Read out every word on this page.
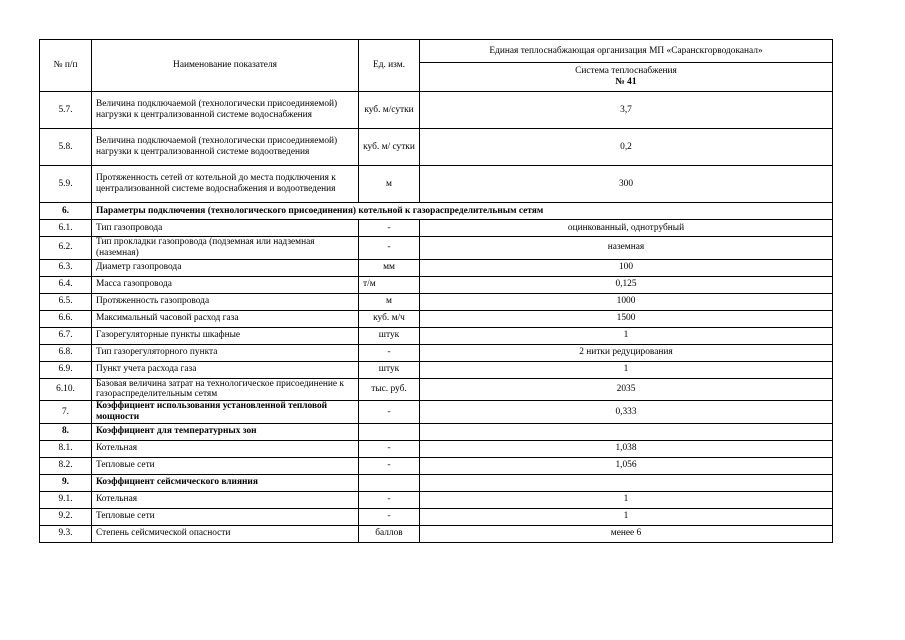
№ п/п	Наименование показателя	Ед. изм.	Единая теплоснабжающая организация МП «Саранскгорводоканал»

			Система теплоснабжения
№ 41

5.7.	Величина подключаемой (технологически присоединяемой) нагрузки к централизованной системе водоснабжения	куб. м/сутки	3,7
5.8.	Величина подключаемой (технологически присоединяемой) нагрузки к централизованной системе водоотведения	куб. м/ сутки	0,2
5.9.	Протяженность сетей от котельной до места подключения к централизованной системе водоснабжения и водоотведения	м	300
6.	Параметры подключения (технологического присоединения) котельной к газораспределительным сетям		
6.1.	Тип газопровода	-	оцинкованный, однотрубный
6.2.	Тип прокладки газопровода (подземная или надземная (наземная)	-	наземная
6.3.	Диаметр газопровода	мм	100
6.4.	Масса газопровода	т/м	0,125
6.5.	Протяженность газопровода	м	1000
6.6.	Максимальный часовой расход газа	куб. м/ч	1500
6.7.	Газорегуляторные пункты шкафные	штук	1
6.8.	Тип газорегуляторного пункта	-	2 нитки редуцирования
6.9.	Пункт учета расхода газа	штук	1
6.10.	Базовая величина затрат на технологическое присоединение к газораспределительным сетям	тыс. руб.	2035
7.	Коэффициент использования установленной тепловой мощности	-	0,333
8.	Коэффициент для температурных зон		
8.1.	Котельная	-	1,038
8.2.	Тепловые сети	-	1,056
9.	Коэффициент сейсмического влияния		
9.1.	Котельная	-	1
9.2.	Тепловые сети	-	1
9.3.	Степень сейсмической опасности	баллов	менее 6
